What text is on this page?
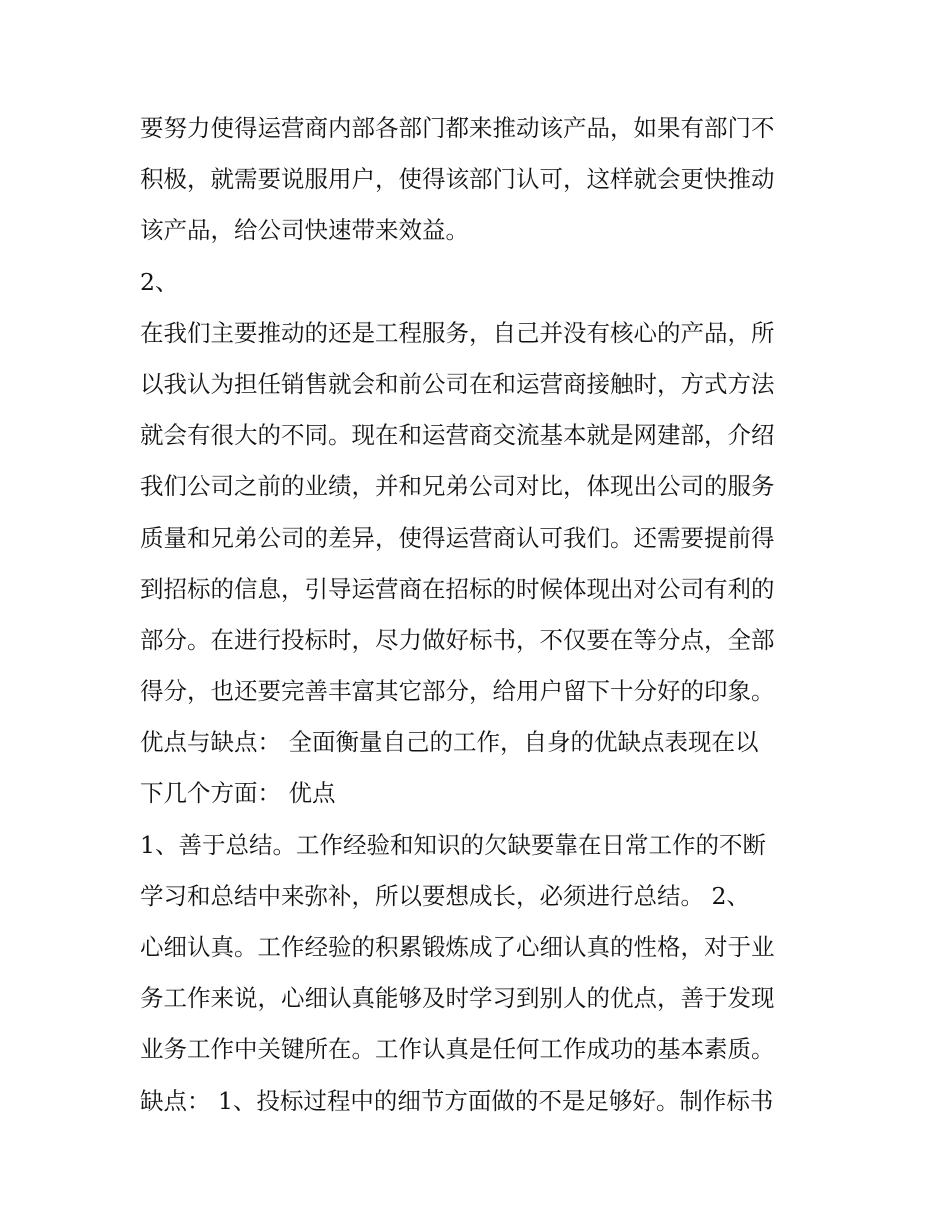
要努力使得运营商内部各部门都来推动该产品，如果有部门不
积极，就需要说服用户，使得该部门认可，这样就会更快推动
该产品，给公司快速带来效益。
2、
在我们主要推动的还是工程服务，自己并没有核心的产品，所
以我认为担任销售就会和前公司在和运营商接触时，方式方法
就会有很大的不同。现在和运营商交流基本就是网建部，介绍
我们公司之前的业绩，并和兄弟公司对比，体现出公司的服务
质量和兄弟公司的差异，使得运营商认可我们。还需要提前得
到招标的信息，引导运营商在招标的时候体现出对公司有利的
部分。在进行投标时，尽力做好标书，不仅要在等分点，全部
得分，也还要完善丰富其它部分，给用户留下十分好的印象。
优点与缺点： 全面衡量自己的工作，自身的优缺点表现在以
下几个方面： 优点
1、善于总结。工作经验和知识的欠缺要靠在日常工作的不断
学习和总结中来弥补，所以要想成长，必须进行总结。 2、
心细认真。工作经验的积累锻炼成了心细认真的性格，对于业
务工作来说，心细认真能够及时学习到别人的优点，善于发现
业务工作中关键所在。工作认真是任何工作成功的基本素质。
缺点： 1、投标过程中的细节方面做的不是足够好。制作标书
